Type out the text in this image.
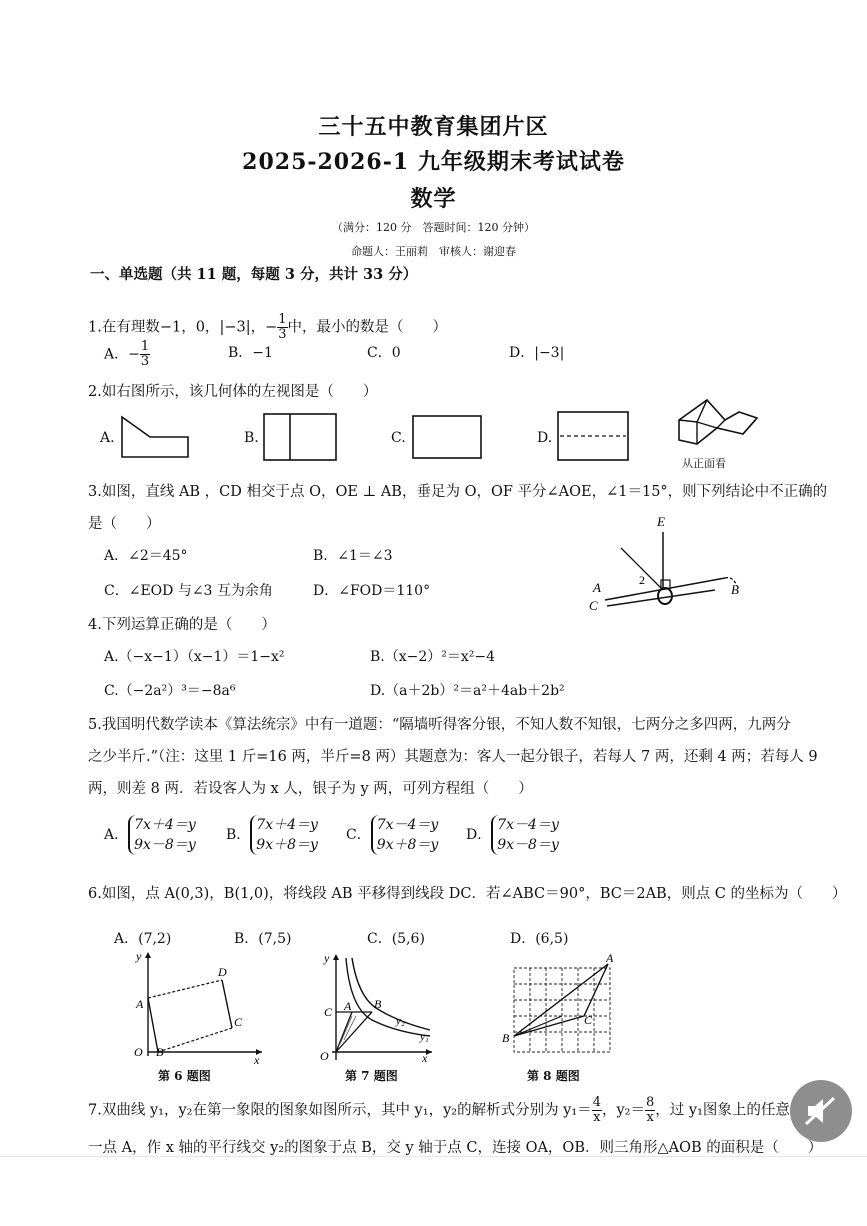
三十五中教育集团片区
2025-2026-1 九年级期末考试试卷
数学
（满分：120 分　答题时间：120 分钟）
命题人：王丽莉　审核人：谢迎春
一、单选题（共 11 题，每题 3 分，共计 33 分）
1.在有理数−1，0，|−3|，− $\frac{1}{3}$ 中，最小的数是（　　）
A．− $\frac{1}{3}$	B．−1	C．0	D．|−3|
2.如右图所示，该几何体的左视图是（　　）
A.	B.	C.	D.
从正面看
3.如图，直线 AB ，CD 相交于点 O，OE ⊥ AB，垂足为 O，OF 平分∠AOE，∠1＝15°，则下列结论中不正确的
是（　　）
A．∠2＝45°	B．∠1＝∠3
C．∠EOD 与∠3 互为余角	D．∠FOD＝110°
E
A
C
B
2
4.下列运算正确的是（　　）
A.（−x−1）（x−1）＝1−x²	B.（x−2）²＝x²−4
C.（−2a²）³＝−8a⁶	D.（a＋2b）²＝a²＋4ab＋2b²
5.我国明代数学读本《算法统宗》中有一道题：“隔墙听得客分银，不知人数不知银，七两分之多四两，九两分
之少半斤.”（注：这里 1 斤=16 两，半斤=8 两）其题意为：客人一起分银子，若每人 7 两，还剩 4 两；若每人 9
两，则差 8 两．若设客人为 x 人，银子为 y 两，可列方程组（　　）
A．7x＋4＝y
9x－8＝y
B．7x＋4＝y
9x＋8＝y
C．7x－4＝y
9x＋8＝y
D．7x－4＝y
9x－8＝y
6.如图，点 A(0,3)，B(1,0)，将线段 AB 平移得到线段 DC．若∠ABC＝90°，BC＝2AB，则点 C 的坐标为（　　）
A．(7,2)	B．(7,5)	C．(5,6)	D．(6,5)
y
x
O
A
B
D
C
第 6 题图
y
x
O
C A B
y₂
y₁
第 7 题图
A
B
C
第 8 题图
7.双曲线 y₁，y₂在第一象限的图象如图所示，其中 y₁，y₂的解析式分别为 $y_1= \frac{4}{x}$ ，$y_2= \frac{8}{x}$ ，过 y₁图象上的任意
一点 A，作 x 轴的平行线交 y₂的图象于点 B，交 y 轴于点 C，连接 OA，OB．则三角形△AOB 的面积是（　　）
